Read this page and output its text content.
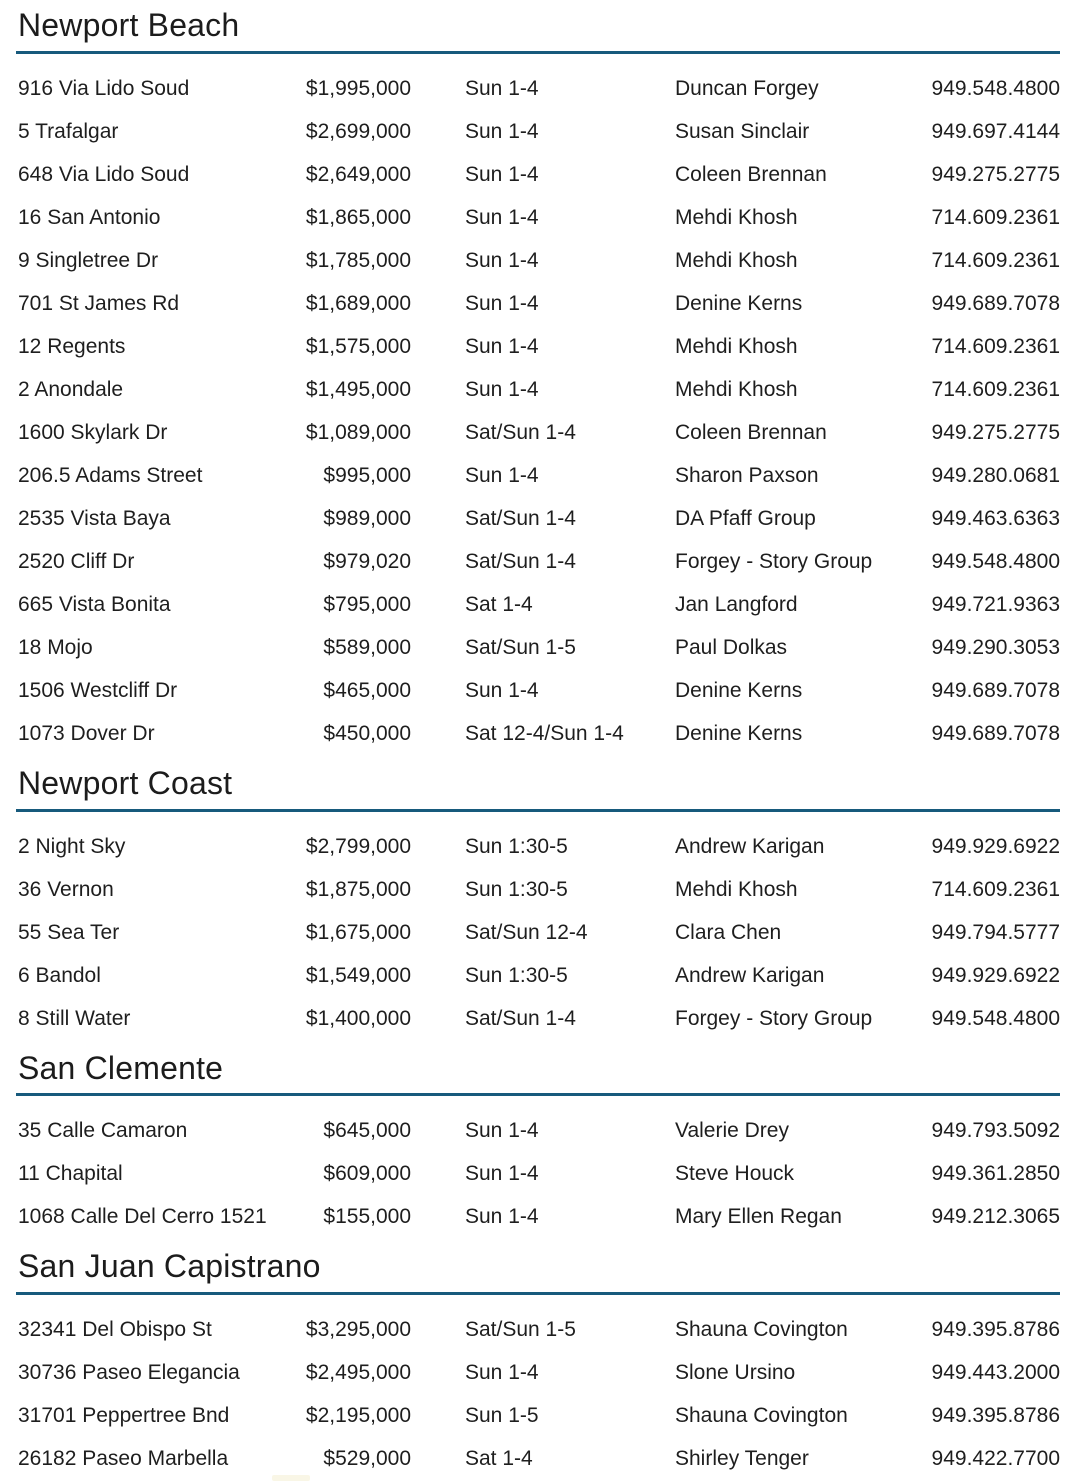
Newport Beach
916 Via Lido Soud	$1,995,000	Sun 1-4	Duncan Forgey	949.548.4800
5 Trafalgar	$2,699,000	Sun 1-4	Susan Sinclair	949.697.4144
648 Via Lido Soud	$2,649,000	Sun 1-4	Coleen Brennan	949.275.2775
16 San Antonio	$1,865,000	Sun 1-4	Mehdi Khosh	714.609.2361
9 Singletree Dr	$1,785,000	Sun 1-4	Mehdi Khosh	714.609.2361
701 St James Rd	$1,689,000	Sun 1-4	Denine Kerns	949.689.7078
12 Regents	$1,575,000	Sun 1-4	Mehdi Khosh	714.609.2361
2 Anondale	$1,495,000	Sun 1-4	Mehdi Khosh	714.609.2361
1600 Skylark Dr	$1,089,000	Sat/Sun 1-4	Coleen Brennan	949.275.2775
206.5 Adams Street	$995,000	Sun 1-4	Sharon Paxson	949.280.0681
2535 Vista Baya	$989,000	Sat/Sun 1-4	DA Pfaff Group	949.463.6363
2520 Cliff Dr	$979,020	Sat/Sun 1-4	Forgey - Story Group	949.548.4800
665 Vista Bonita	$795,000	Sat 1-4	Jan Langford	949.721.9363
18 Mojo	$589,000	Sat/Sun 1-5	Paul Dolkas	949.290.3053
1506 Westcliff Dr	$465,000	Sun 1-4	Denine Kerns	949.689.7078
1073 Dover Dr	$450,000	Sat 12-4/Sun 1-4	Denine Kerns	949.689.7078
Newport Coast
2 Night Sky	$2,799,000	Sun 1:30-5	Andrew Karigan	949.929.6922
36 Vernon	$1,875,000	Sun 1:30-5	Mehdi Khosh	714.609.2361
55 Sea Ter	$1,675,000	Sat/Sun 12-4	Clara Chen	949.794.5777
6 Bandol	$1,549,000	Sun 1:30-5	Andrew Karigan	949.929.6922
8 Still Water	$1,400,000	Sat/Sun 1-4	Forgey - Story Group	949.548.4800
San Clemente
35 Calle Camaron	$645,000	Sun 1-4	Valerie Drey	949.793.5092
11 Chapital	$609,000	Sun 1-4	Steve Houck	949.361.2850
1068 Calle Del Cerro 1521	$155,000	Sun 1-4	Mary Ellen Regan	949.212.3065
San Juan Capistrano
32341 Del Obispo St	$3,295,000	Sat/Sun 1-5	Shauna Covington	949.395.8786
30736 Paseo Elegancia	$2,495,000	Sun 1-4	Slone Ursino	949.443.2000
31701 Peppertree Bnd	$2,195,000	Sun 1-5	Shauna Covington	949.395.8786
26182 Paseo Marbella	$529,000	Sat 1-4	Shirley Tenger	949.422.7700
